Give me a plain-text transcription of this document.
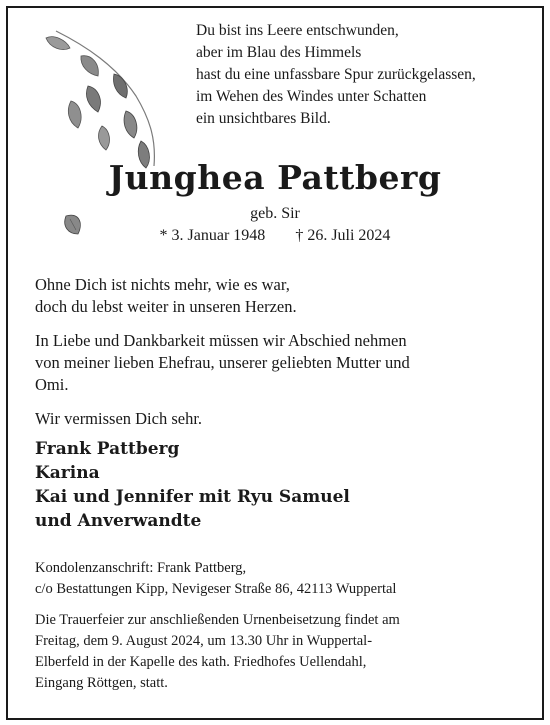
Du bist ins Leere entschwunden,
aber im Blau des Himmels
hast du eine unfassbare Spur zurückgelassen,
im Wehen des Windes unter Schatten
ein unsichtbares Bild.
Junghea Pattberg
geb. Sir
* 3. Januar 1948 † 26. Juli 2024
Ohne Dich ist nichts mehr, wie es war,
doch du lebst weiter in unseren Herzen.
In Liebe und Dankbarkeit müssen wir Abschied nehmen
von meiner lieben Ehefrau, unserer geliebten Mutter und
Omi.
Wir vermissen Dich sehr.
Frank Pattberg
Karina
Kai und Jennifer mit Ryu Samuel
und Anverwandte
Kondolenzanschrift: Frank Pattberg,
c/o Bestattungen Kipp, Nevigeser Straße 86, 42113 Wuppertal
Die Trauerfeier zur anschließenden Urnenbeisetzung findet am
Freitag, dem 9. August 2024, um 13.30 Uhr in Wuppertal-
Elberfeld in der Kapelle des kath. Friedhofes Uellendahl,
Eingang Röttgen, statt.
